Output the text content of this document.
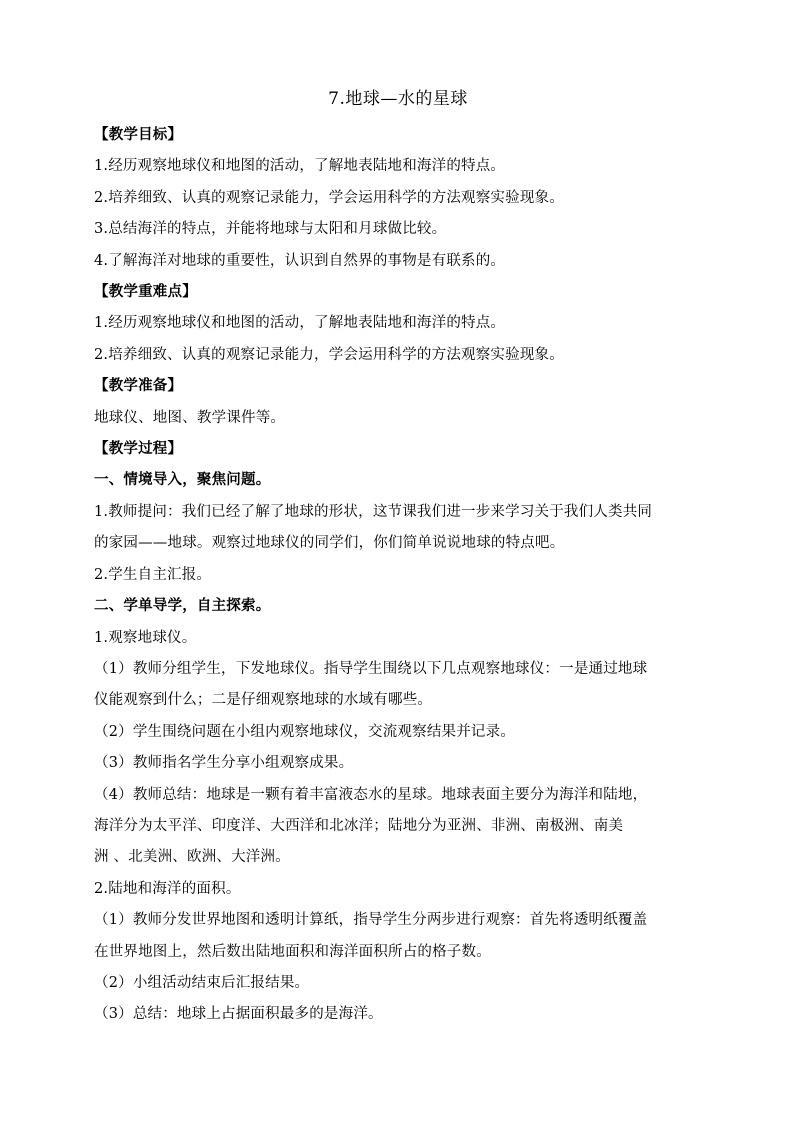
7.地球—水的星球

【教学目标】

1.经历观察地球仪和地图的活动，了解地表陆地和海洋的特点。

2.培养细致、认真的观察记录能力，学会运用科学的方法观察实验现象。

3.总结海洋的特点，并能将地球与太阳和月球做比较。

4.了解海洋对地球的重要性，认识到自然界的事物是有联系的。

【教学重难点】

1.经历观察地球仪和地图的活动，了解地表陆地和海洋的特点。

2.培养细致、认真的观察记录能力，学会运用科学的方法观察实验现象。

【教学准备】

地球仪、地图、教学课件等。

【教学过程】

一、情境导入，聚焦问题。

1.教师提问：我们已经了解了地球的形状，这节课我们进一步来学习关于我们人类共同

的家园——地球。观察过地球仪的同学们，你们简单说说地球的特点吧。

2.学生自主汇报。

二、学单导学，自主探索。

1.观察地球仪。

（1）教师分组学生，下发地球仪。指导学生围绕以下几点观察地球仪：一是通过地球

仪能观察到什么；二是仔细观察地球的水域有哪些。

（2）学生围绕问题在小组内观察地球仪，交流观察结果并记录。

（3）教师指名学生分享小组观察成果。

（4）教师总结：地球是一颗有着丰富液态水的星球。地球表面主要分为海洋和陆地，

海洋分为太平洋、印度洋、大西洋和北冰洋；陆地分为亚洲、非洲、南极洲、南美

洲 、北美洲、欧洲、大洋洲。

2.陆地和海洋的面积。

（1）教师分发世界地图和透明计算纸，指导学生分两步进行观察：首先将透明纸覆盖

在世界地图上，然后数出陆地面积和海洋面积所占的格子数。

（2）小组活动结束后汇报结果。

（3）总结：地球上占据面积最多的是海洋。
